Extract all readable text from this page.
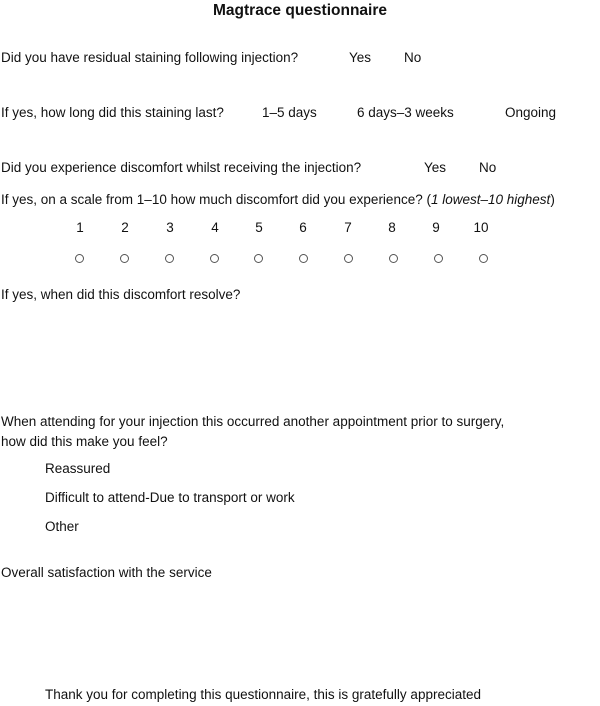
Magtrace questionnaire
Did you have residual staining following injection?	Yes No
If yes, how long did this staining last?	1–5 days	6 days–3 weeks	Ongoing
Did you experience discomfort whilst receiving the injection?	Yes No
If yes, on a scale from 1–10 how much discomfort did you experience? (1 lowest–10 highest)
1	2	3	4	5	6	7	8	9	10
If yes, when did this discomfort resolve?
When attending for your injection this occurred another appointment prior to surgery,
how did this make you feel?
Reassured
Difficult to attend-Due to transport or work
Other
Overall satisfaction with the service
Thank you for completing this questionnaire, this is gratefully appreciated
